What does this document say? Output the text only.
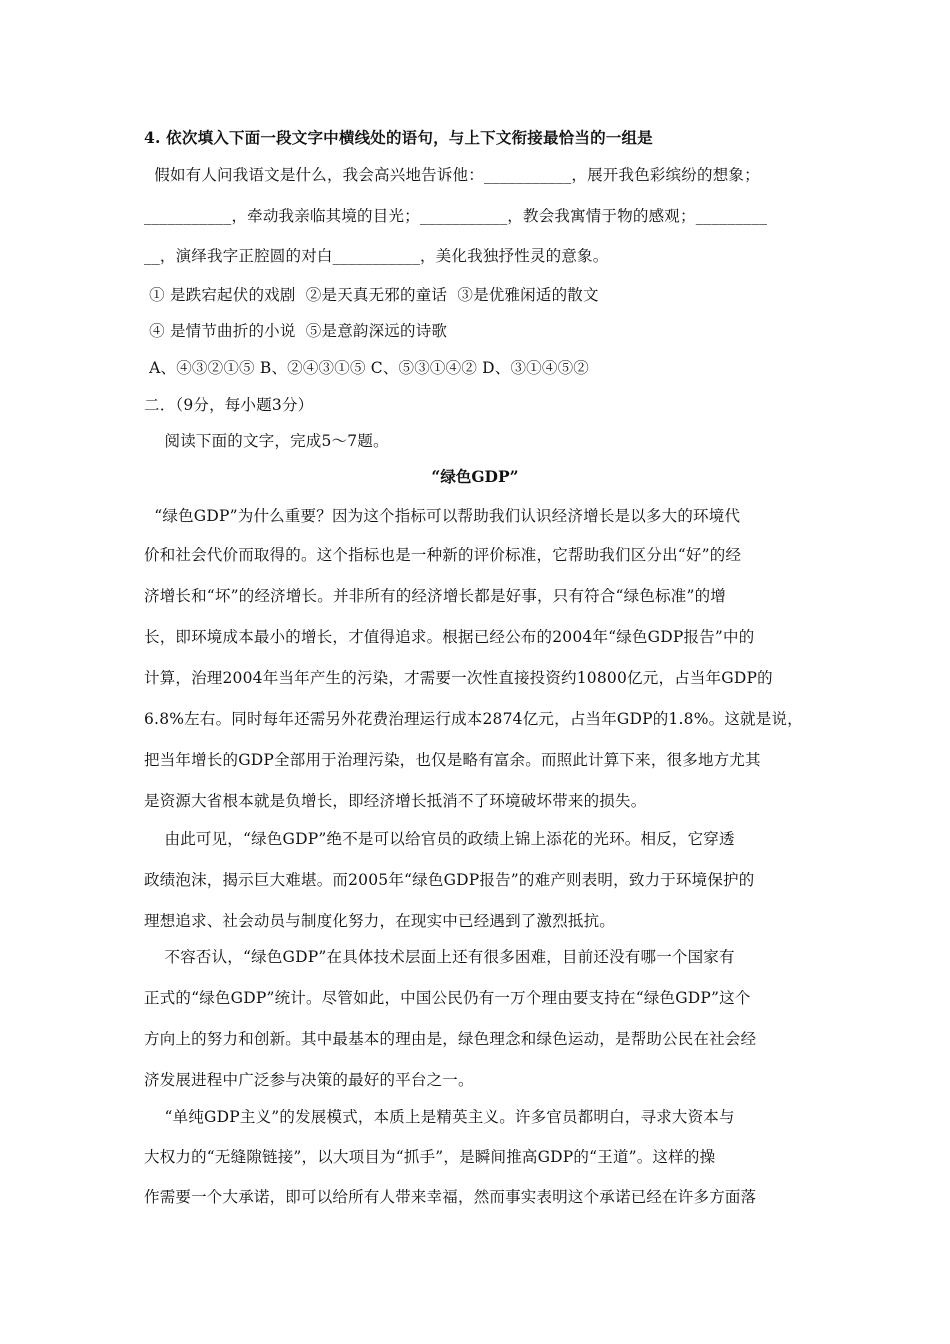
4. 依次填入下面一段文字中横线处的语句，与上下文衔接最恰当的一组是
假如有人问我语文是什么，我会高兴地告诉他：___________，展开我色彩缤纷的想象；
___________，牵动我亲临其境的目光；___________，教会我寓情于物的感观；_________
__，演绎我字正腔圆的对白___________，美化我独抒性灵的意象。
① 是跌宕起伏的戏剧  ②是天真无邪的童话  ③是优雅闲适的散文
④ 是情节曲折的小说  ⑤是意韵深远的诗歌
A、④③②①⑤ B、②④③①⑤ C、⑤③①④② D、③①④⑤②
二．（9分，每小题3分）
阅读下面的文字，完成5～7题。
“绿色GDP”
“绿色GDP”为什么重要？因为这个指标可以帮助我们认识经济增长是以多大的环境代
价和社会代价而取得的。这个指标也是一种新的评价标准，它帮助我们区分出“好”的经
济增长和“坏”的经济增长。并非所有的经济增长都是好事，只有符合“绿色标准”的增
长，即环境成本最小的增长，才值得追求。根据已经公布的2004年“绿色GDP报告”中的
计算，治理2004年当年产生的污染，才需要一次性直接投资约10800亿元，占当年GDP的
6.8%左右。同时每年还需另外花费治理运行成本2874亿元，占当年GDP的1.8%。这就是说，
把当年增长的GDP全部用于治理污染，也仅是略有富余。而照此计算下来，很多地方尤其
是资源大省根本就是负增长，即经济增长抵消不了环境破坏带来的损失。
由此可见，“绿色GDP”绝不是可以给官员的政绩上锦上添花的光环。相反，它穿透
政绩泡沫，揭示巨大难堪。而2005年“绿色GDP报告”的难产则表明，致力于环境保护的
理想追求、社会动员与制度化努力，在现实中已经遇到了激烈抵抗。
不容否认，“绿色GDP”在具体技术层面上还有很多困难，目前还没有哪一个国家有
正式的“绿色GDP”统计。尽管如此，中国公民仍有一万个理由要支持在“绿色GDP”这个
方向上的努力和创新。其中最基本的理由是，绿色理念和绿色运动，是帮助公民在社会经
济发展进程中广泛参与决策的最好的平台之一。
“单纯GDP主义”的发展模式，本质上是精英主义。许多官员都明白，寻求大资本与
大权力的“无缝隙链接”，以大项目为“抓手”，是瞬间推高GDP的“王道”。这样的操
作需要一个大承诺，即可以给所有人带来幸福，然而事实表明这个承诺已经在许多方面落
